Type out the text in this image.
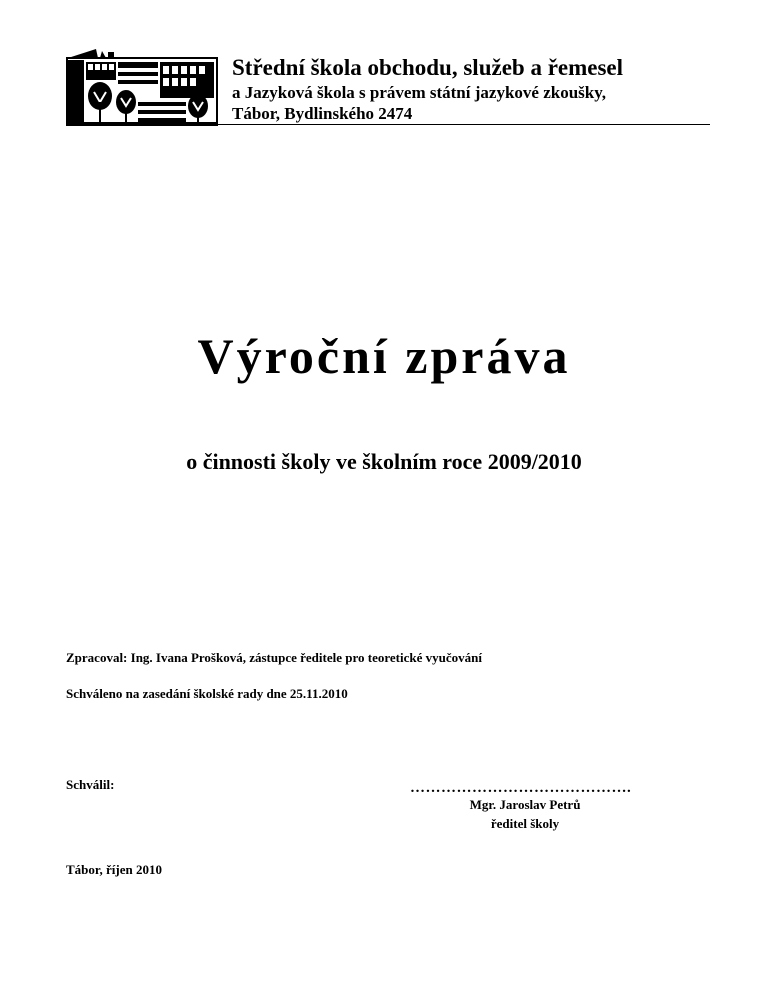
Střední škola obchodu, služeb a řemesel
a Jazyková škola s právem státní jazykové zkoušky,
Tábor, Bydlinského 2474
Výroční zpráva
o činnosti školy ve školním roce 2009/2010
Zpracoval: Ing. Ivana Prošková, zástupce ředitele pro teoretické vyučování
Schváleno na zasedání školské rady dne 25.11.2010
Schválil:	…………………………………….
Mgr. Jaroslav Petrů
ředitel školy
Tábor, říjen 2010
